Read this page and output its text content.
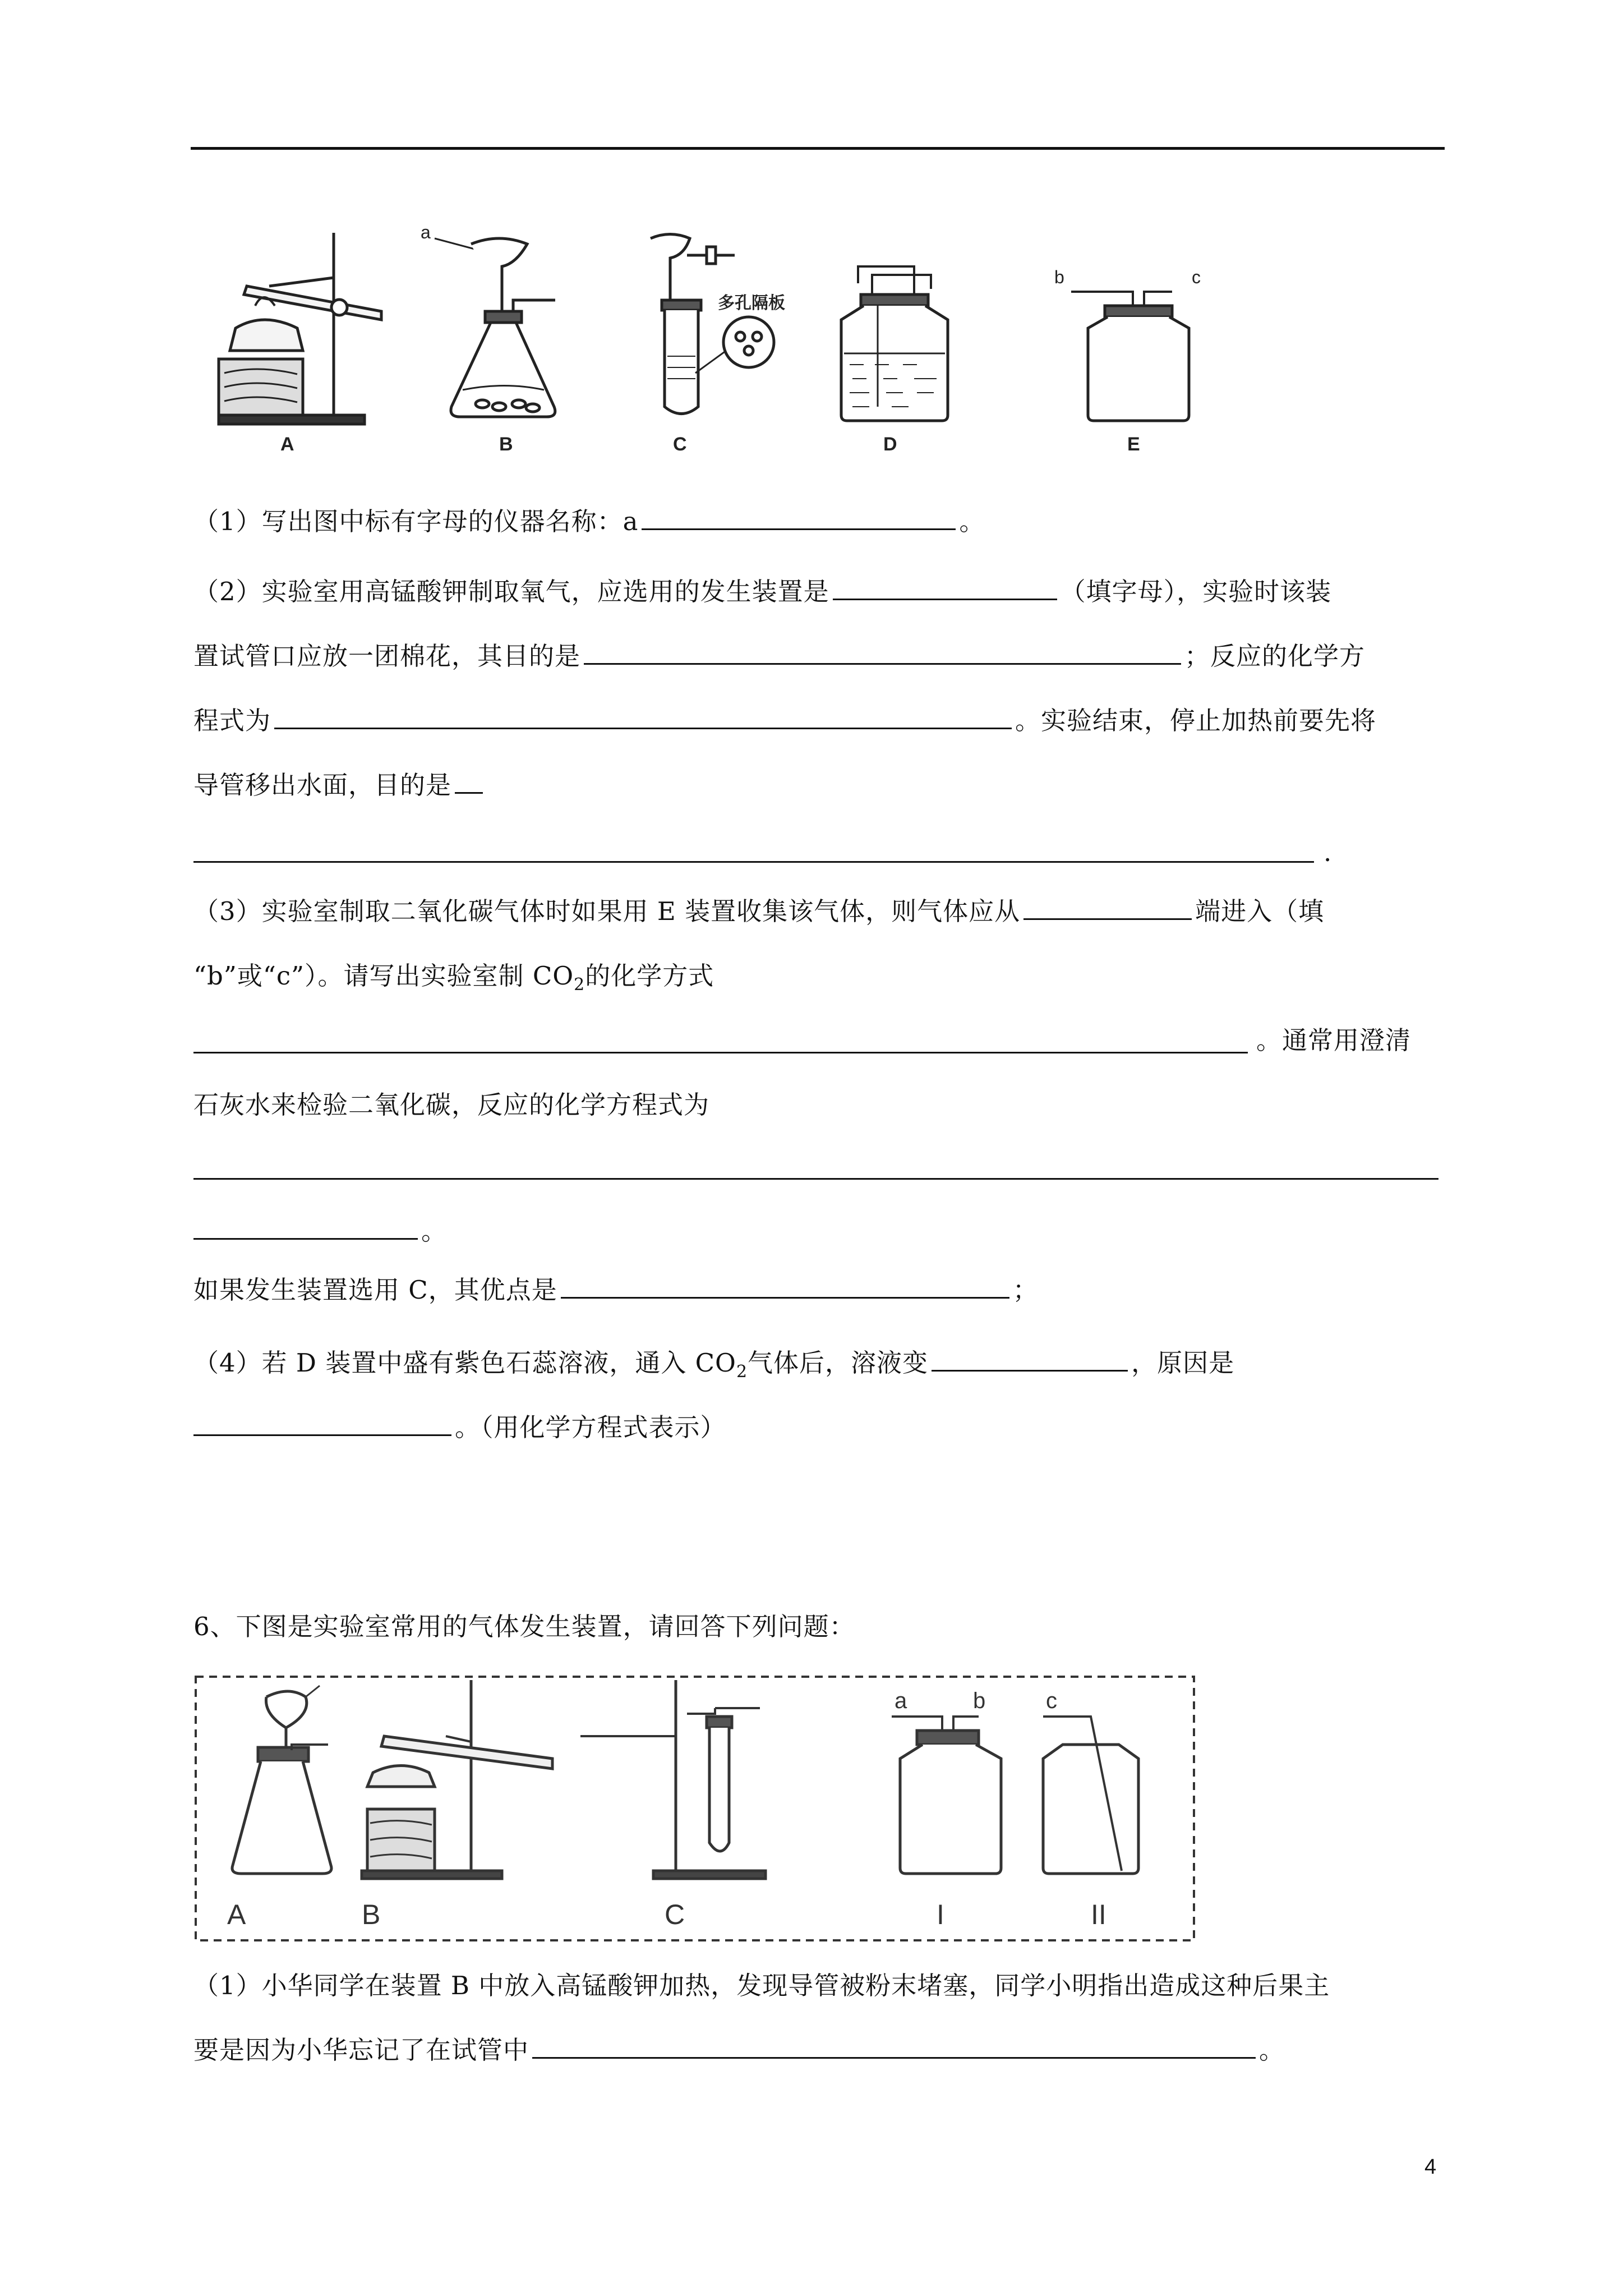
A
a
B
多孔隔板
C	D
b	c
E
（1）写出图中标有字母的仪器名称：a	。
（2）实验室用高锰酸钾制取氧气，应选用的发生装置是	（填字母），实验时该装
置试管口应放一团棉花，其目的是	；反应的化学方
程式为	。实验结束，停止加热前要先将
导管移出水面，目的是
.
（3）实验室制取二氧化碳气体时如果用 E 装置收集该气体，则气体应从	端进入（填
“b”或“c”）。请写出实验室制 $CO_2$的化学方式
。通常用澄清
石灰水来检验二氧化碳，反应的化学方程式为
。
如果发生装置选用 C，其优点是	；
（4）若 D 装置中盛有紫色石蕊溶液，通入 $CO_2$气体后，溶液变	，原因是
。（用化学方程式表示）
6、下图是实验室常用的气体发生装置，请回答下列问题：
A	B	C
a	b
I
c
II
（1）小华同学在装置 B 中放入高锰酸钾加热，发现导管被粉末堵塞，同学小明指出造成这种后果主
要是因为小华忘记了在试管中	。
4
